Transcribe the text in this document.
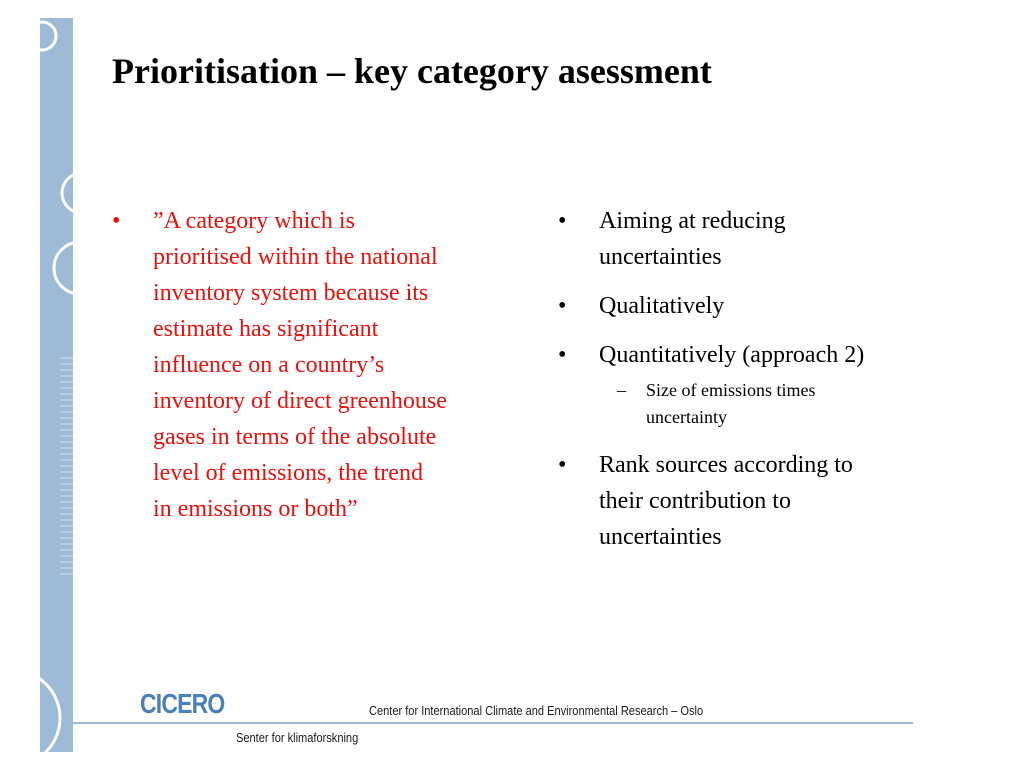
Prioritisation – key category asessment
•	”A category which is
prioritised within the national
inventory system because its
estimate has significant
influence on a country’s
inventory of direct greenhouse
gases in terms of the absolute
level of emissions, the trend
in emissions or both”
•	Aiming at reducing
uncertainties
•	Qualitatively
•	Quantitatively (approach 2)
– Size of emissions times
uncertainty
•	Rank sources according to
their contribution to
uncertainties
CICERO	Center for International Climate and Environmental Research – Oslo
Senter for klimaforskning
